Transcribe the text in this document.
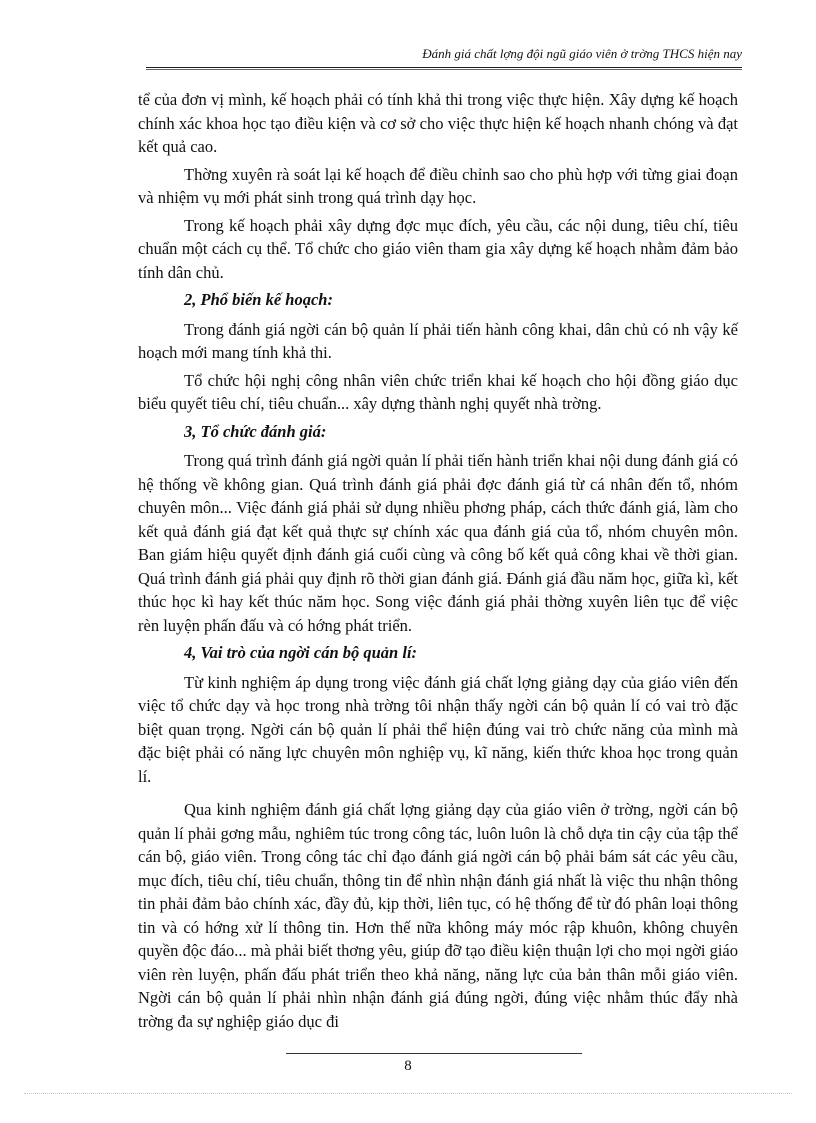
Đánh giá chất lợng đội ngũ giáo viên ở trờng THCS hiện nay

tể của đơn vị mình, kế hoạch phải có tính khả thi trong việc thực hiện. Xây dựng kế hoạch chính xác khoa học tạo điều kiện và cơ sở cho việc thực hiện kế hoạch nhanh chóng và đạt kết quả cao.

Thờng xuyên rà soát lại kế hoạch để điều chỉnh sao cho phù hợp với từng giai đoạn và nhiệm vụ mới phát sinh trong quá trình dạy học.

Trong kế hoạch phải xây dựng đợc mục đích, yêu cầu, các nội dung, tiêu chí, tiêu chuẩn một cách cụ thể. Tổ chức cho giáo viên tham gia xây dựng kế hoạch nhằm đảm bảo tính dân chủ.

2, Phổ biến kế hoạch:

Trong đánh giá ngời cán bộ quản lí phải tiến hành công khai, dân chủ có nh vậy kế hoạch mới mang tính khả thi.

Tổ chức hội nghị công nhân viên chức triển khai kế hoạch cho hội đồng giáo dục biểu quyết tiêu chí, tiêu chuẩn... xây dựng thành nghị quyết nhà trờng.

3, Tổ chức đánh giá:

Trong quá trình đánh giá ngời quản lí phải tiến hành triển khai nội dung đánh giá có hệ thống về không gian. Quá trình đánh giá phải đợc đánh giá từ cá nhân đến tổ, nhóm chuyên môn... Việc đánh giá phải sử dụng nhiều phơng pháp, cách thức đánh giá, làm cho kết quả đánh giá đạt kết quả thực sự chính xác qua đánh giá của tổ, nhóm chuyên môn. Ban giám hiệu quyết định đánh giá cuối cùng và công bố kết quả công khai về thời gian. Quá trình đánh giá phải quy định rõ thời gian đánh giá. Đánh giá đầu năm học, giữa kì, kết thúc học kì hay kết thúc năm học. Song việc đánh giá phải thờng xuyên liên tục để việc rèn luyện phấn đấu và có hớng phát triển.

4, Vai trò của ngời cán bộ quản lí:

Từ kinh nghiệm áp dụng trong việc đánh giá chất lợng giảng dạy của giáo viên đến việc tổ chức dạy và học trong nhà trờng tôi nhận thấy ngời cán bộ quản lí có vai trò đặc biệt quan trọng. Ngời cán bộ quản lí phải thể hiện đúng vai trò chức năng của mình mà đặc biệt phải có năng lực chuyên môn nghiệp vụ, kĩ năng, kiến thức khoa học trong quản lí.

Qua kinh nghiệm đánh giá chất lợng giảng dạy của giáo viên ở trờng, ngời cán bộ quản lí phải gơng mẫu, nghiêm túc trong công tác, luôn luôn là chỗ dựa tin cậy của tập thể cán bộ, giáo viên. Trong công tác chỉ đạo đánh giá ngời cán bộ phải bám sát các yêu cầu, mục đích, tiêu chí, tiêu chuẩn, thông tin để nhìn nhận đánh giá nhất là việc thu nhận thông tin phải đảm bảo chính xác, đầy đủ, kịp thời, liên tục, có hệ thống để từ đó phân loại thông tin và có hớng xử lí thông tin. Hơn thế nữa không máy móc rập khuôn, không chuyên quyền độc đáo... mà phải biết thơng yêu, giúp đỡ tạo điều kiện thuận lợi cho mọi ngời giáo viên rèn luyện, phấn đấu phát triển theo khả năng, năng lực của bản thân mỗi giáo viên. Ngời cán bộ quản lí phải nhìn nhận đánh giá đúng ngời, đúng việc nhằm thúc đẩy nhà trờng đa sự nghiệp giáo dục đi

8
